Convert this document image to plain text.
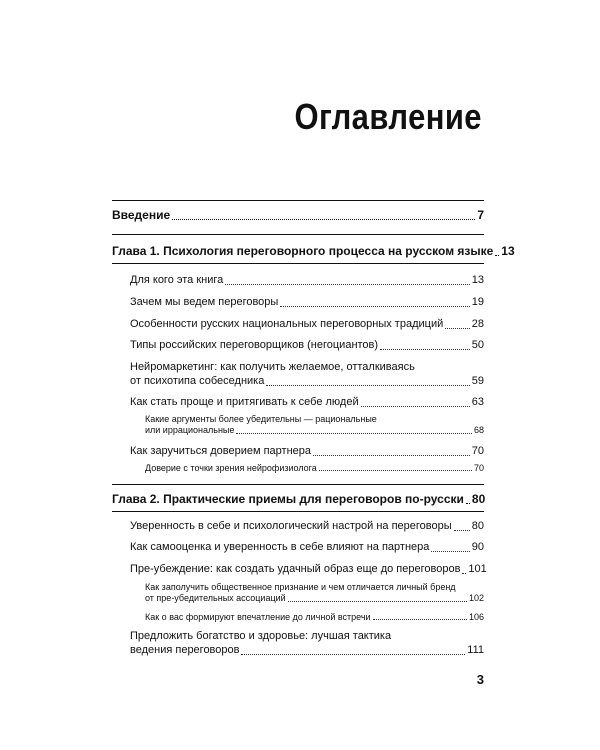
Оглавление
Введение	7
Глава 1. Психология переговорного процесса на русском языке 13
Для кого эта книга	13
Зачем мы ведем переговоры	19
Особенности русских национальных переговорных традиций	28
Типы российских переговорщиков (негоциантов)	50
Нейромаркетинг: как получить желаемое, отталкиваясь
от психотипа собеседника	59
Как стать проще и притягивать к себе людей	63
Какие аргументы более убедительны — рациональные
или иррациональные	68
Как заручиться доверием партнера	70
Доверие с точки зрения нейрофизиолога	70
Глава 2. Практические приемы для переговоров по-русски 80
Уверенность в себе и психологический настрой на переговоры 80
Как самооценка и уверенность в себе влияют на партнера	90
Пре-убеждение: как создать удачный образ еще до переговоров 101
Как заполучить общественное признание и чем отличается личный бренд
от пре-убедительных ассоциаций	102
Как о вас формируют впечатление до личной встречи	106
Предложить богатство и здоровье: лучшая тактика
ведения переговоров	111
3
